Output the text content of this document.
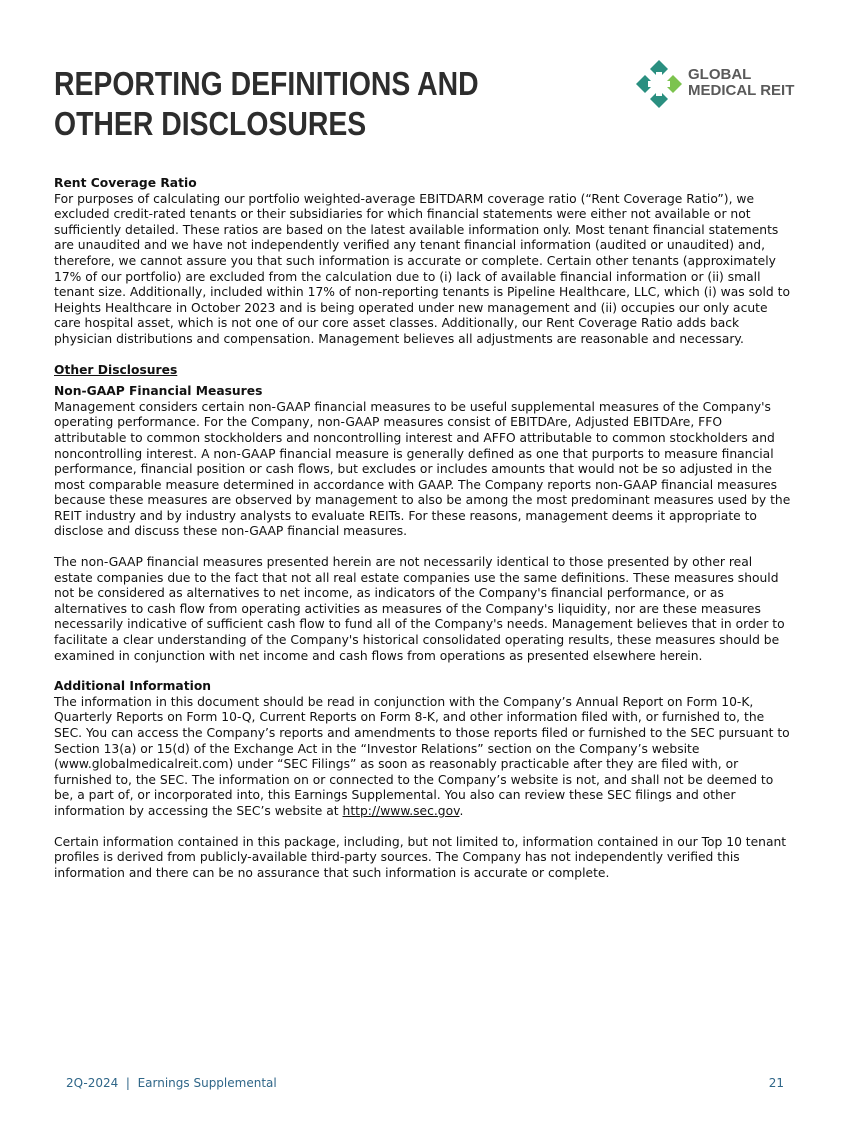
REPORTING DEFINITIONS AND
OTHER DISCLOSURES
GLOBAL
MEDICAL REIT
Rent Coverage Ratio

For purposes of calculating our portfolio weighted-average EBITDARM coverage ratio (“Rent Coverage Ratio”), we excluded credit-rated tenants or their subsidiaries for which financial statements were either not available or not sufficiently detailed. These ratios are based on the latest available information only. Most tenant financial statements are unaudited and we have not independently verified any tenant financial information (audited or unaudited) and, therefore, we cannot assure you that such information is accurate or complete. Certain other tenants (approximately 17% of our portfolio) are excluded from the calculation due to (i) lack of available financial information or (ii) small tenant size. Additionally, included within 17% of non-reporting tenants is Pipeline Healthcare, LLC, which (i) was sold to Heights Healthcare in October 2023 and is being operated under new management and (ii) occupies our only acute care hospital asset, which is not one of our core asset classes. Additionally, our Rent Coverage Ratio adds back physician distributions and compensation. Management believes all adjustments are reasonable and necessary.

Other Disclosures
Non-GAAP Financial Measures

Management considers certain non-GAAP financial measures to be useful supplemental measures of the Company's operating performance. For the Company, non-GAAP measures consist of EBITDAre, Adjusted EBITDAre, FFO attributable to common stockholders and noncontrolling interest and AFFO attributable to common stockholders and noncontrolling interest. A non-GAAP financial measure is generally defined as one that purports to measure financial performance, financial position or cash flows, but excludes or includes amounts that would not be so adjusted in the most comparable measure determined in accordance with GAAP. The Company reports non-GAAP financial measures because these measures are observed by management to also be among the most predominant measures used by the REIT industry and by industry analysts to evaluate REITs. For these reasons, management deems it appropriate to disclose and discuss these non-GAAP financial measures.

The non-GAAP financial measures presented herein are not necessarily identical to those presented by other real estate companies due to the fact that not all real estate companies use the same definitions. These measures should not be considered as alternatives to net income, as indicators of the Company's financial performance, or as alternatives to cash flow from operating activities as measures of the Company's liquidity, nor are these measures necessarily indicative of sufficient cash flow to fund all of the Company's needs. Management believes that in order to facilitate a clear understanding of the Company's historical consolidated operating results, these measures should be examined in conjunction with net income and cash flows from operations as presented elsewhere herein.

Additional Information

The information in this document should be read in conjunction with the Company’s Annual Report on Form 10-K, Quarterly Reports on Form 10-Q, Current Reports on Form 8-K, and other information filed with, or furnished to, the SEC. You can access the Company’s reports and amendments to those reports filed or furnished to the SEC pursuant to Section 13(a) or 15(d) of the Exchange Act in the “Investor Relations” section on the Company’s website (www.globalmedicalreit.com) under “SEC Filings” as soon as reasonably practicable after they are filed with, or furnished to, the SEC. The information on or connected to the Company’s website is not, and shall not be deemed to be, a part of, or incorporated into, this Earnings Supplemental. You also can review these SEC filings and other information by accessing the SEC’s website at http://www.sec.gov.

Certain information contained in this package, including, but not limited to, information contained in our Top 10 tenant profiles is derived from publicly-available third-party sources. The Company has not independently verified this information and there can be no assurance that such information is accurate or complete.

2Q-2024  |  Earnings Supplemental	21
